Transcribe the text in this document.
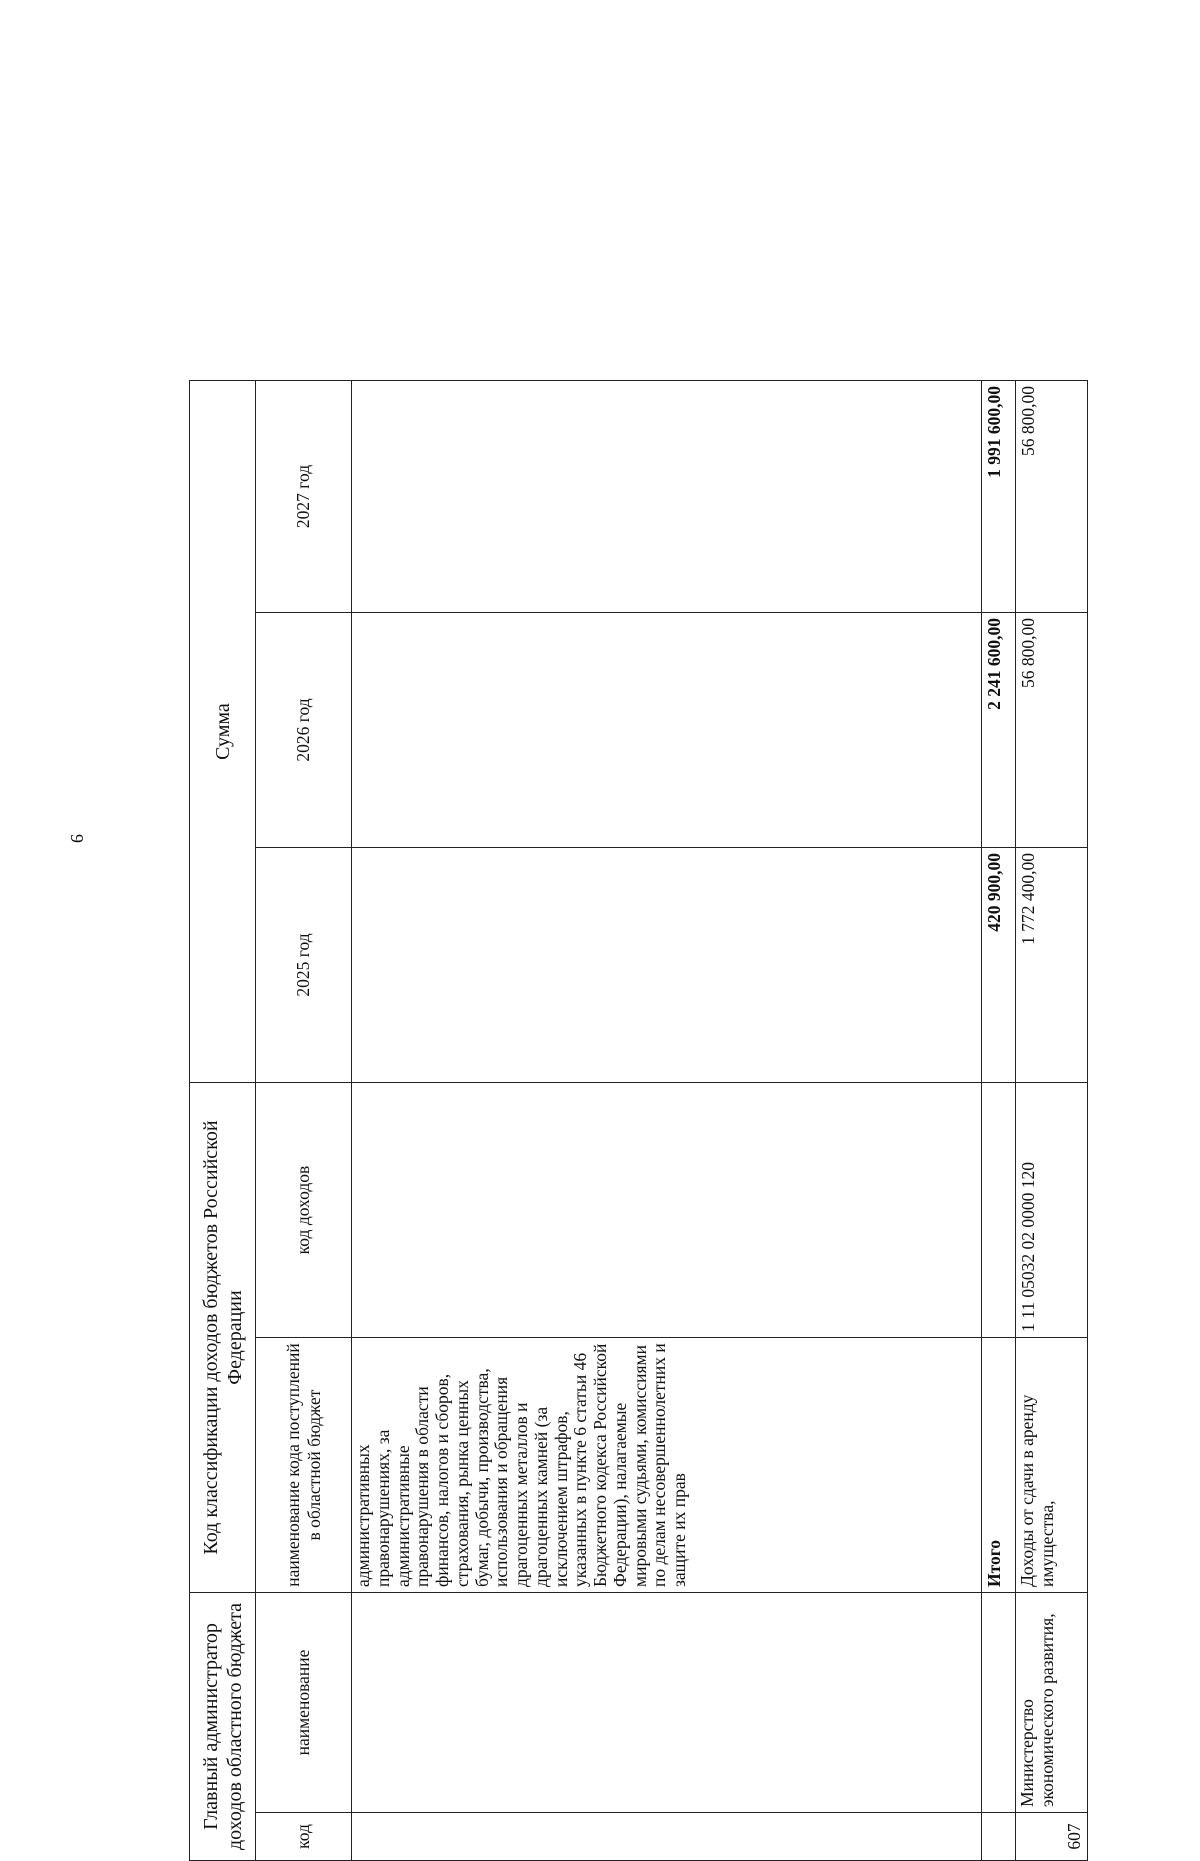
9
Главный администратор доходов областного бюджета		Код классификации доходов бюджетов Российской Федерации		Сумма		
код	наименование	наименование кода поступлений в областной бюджет	код доходов	2025 год	2026 год	2027 год
		административных правонарушениях, за административные правонарушения в области финансов, налогов и сборов, страхования, рынка ценных бумаг, добычи, производства, использования и обращения драгоценных металлов и драгоценных камней (за исключением штрафов, указанных в пункте 6 статьи 46 Бюджетного кодекса Российской Федерации), налагаемые мировыми судьями, комиссиями по делам несовершеннолетних и защите их прав				
		Итого		420 900,00	2 241 600,00	1 991 600,00
607	Министерство экономического развития,	Доходы от сдачи в аренду имущества,	1 11 05032 02 0000 120	1 772 400,00	56 800,00	56 800,00
